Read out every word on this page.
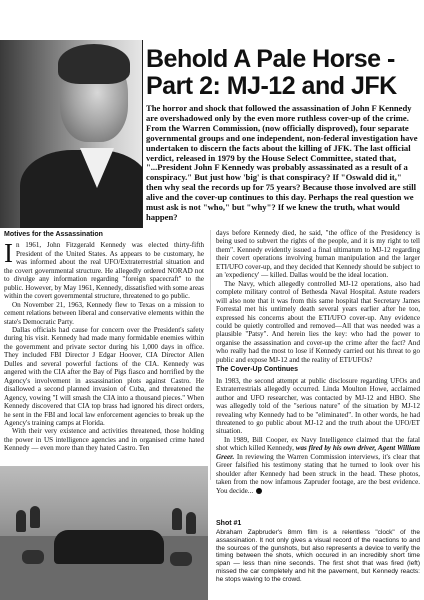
Behold A Pale Horse -
Part 2: MJ-12 and JFK

The horror and shock that followed the assassination of John F Kennedy are overshadowed only by the even more ruthless cover-up of the crime. From the Warren Commission, (now officially disproved), four separate governmental groups and one independent, non-federal investigation have undertaken to discern the facts about the killing of JFK. The last official verdict, released in 1979 by the House Select Committee, stated that, "...President John F Kennedy was probably assassinated as a result of a conspiracy." But just how 'big' is that conspiracy? If "Oswald did it," then why seal the records up for 75 years? Because those involved are still alive and the cover-up continues to this day. Perhaps the real question we must ask is not "who," but "why"? If we knew the truth, what would happen?

Motives for the Assassination

In 1961, John Fitzgerald Kennedy was elected thirty-fifth President of the United States. As appears to be customary, he was informed about the real UFO/Extraterrestrial situation and the covert governmental structure. He allegedly ordered NORAD not to divulge any information regarding "foreign spacecraft" to the public. However, by May 1961, Kennedy, dissatisfied with some areas within the covert governmental structure, threatened to go public.

On November 21, 1963, Kennedy flew to Texas on a mission to cement relations between liberal and conservative elements within the state's Democratic Party.

Dallas officials had cause for concern over the President's safety during his visit. Kennedy had made many formidable enemies within the government and private sector during his 1,000 days in office. They included FBI Director J Edgar Hoover, CIA Director Allen Dulles and several powerful factions of the CIA. Kennedy was angered with the CIA after the Bay of Pigs fiasco and horrified by the Agency's involvement in assassination plots against Castro. He disallowed a second planned invasion of Cuba, and threatened the Agency, vowing "I will smash the CIA into a thousand pieces." When Kennedy discovered that CIA top brass had ignored his direct orders, he sent in the FBI and local law enforcement agencies to break up the Agency's training camps at Florida.

With their very existence and activities threatened, those holding the power in US intelligence agencies and in organised crime hated Kennedy — even more than they hated Castro. Ten

days before Kennedy died, he said, "the office of the Presidency is being used to subvert the rights of the people, and it is my right to tell them". Kennedy evidently issued a final ultimatum to MJ-12 regarding their covert operations involving human manipulation and the larger ETI/UFO cover-up, and they decided that Kennedy should be subject to an 'expediency' — killed. Dallas would be the ideal location.

The Navy, which allegedly controlled MJ-12 operations, also had complete military control of Bethesda Naval Hospital. Astute readers will also note that it was from this same hospital that Secretary James Forrestal met his untimely death several years earlier after he too, expressed his concerns about the ETI/UFO cover-up. Any evidence could be quietly controlled and removed—All that was needed was a plausible "Patsy". And herein lies the key: who had the power to organise the assassination and cover-up the crime after the fact? And who really had the most to lose if Kennedy carried out his threat to go public and expose MJ-12 and the reality of ETI/UFOs?

The Cover-Up Continues

In 1983, the second attempt at public disclosure regarding UFOs and Extraterrestrials allegedly occurred. Linda Moulton Howe, acclaimed author and UFO researcher, was contacted by MJ-12 and HBO. She was allegedly told of the "serious nature" of the situation by MJ-12 revealing why Kennedy had to be "eliminated". In other words, he had threatened to go public about MJ-12 and the truth about the UFO/ET situation.

In 1989, Bill Cooper, ex Navy Intelligence claimed that the fatal shot which killed Kennedy, was fired by his own driver, Agent William Greer. In reviewing the Warren Commission interviews, it's clear that Greer falsified his testimony stating that he turned to look over his shoulder after Kennedy had been struck in the head. These photos, taken from the now infamous Zapruder footage, are the best evidence. You decide...

Shot #1

Abraham Zapbruder's 8mm film is a relentless "clock" of the assassination. It not only gives a visual record of the reactions to and the sources of the gunshots, but also represents a device to verify the timing between the shots, which occured in an incredibly short time span — less than nine seconds. The first shot that was fired (left) missed the car completely and hit the pavement, but Kennedy reacts: he stops waving to the crowd.
